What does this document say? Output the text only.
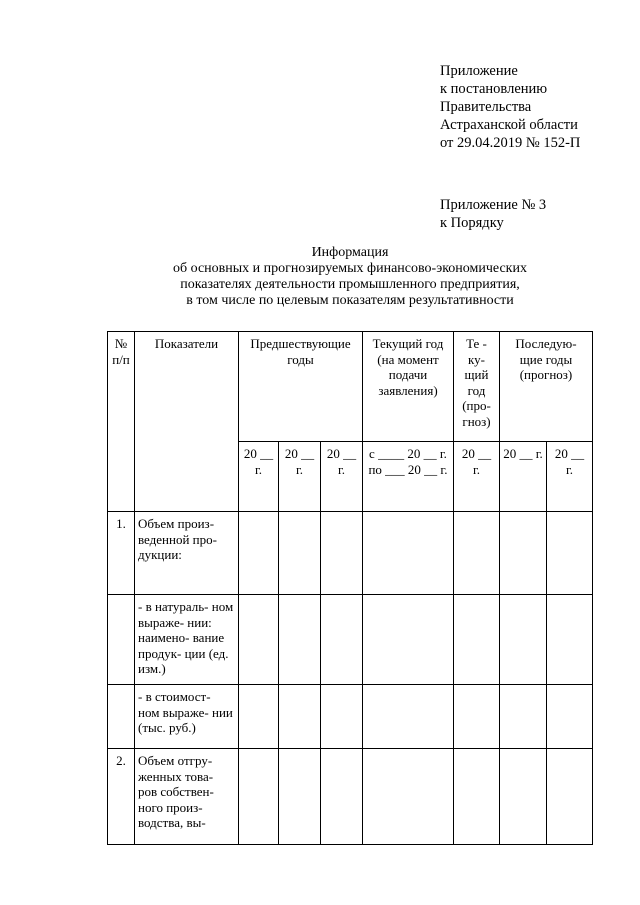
Приложение
к постановлению
Правительства
Астраханской области
от 29.04.2019 № 152-П
Приложение № 3
к Порядку
Информация
об основных и прогнозируемых финансово-экономических
показателях деятельности промышленного предприятия,
в том числе по целевым показателям результативности
№ п/п	Показатели	Предшествующие годы			Текущий год (на момент подачи заявления)	Те - ку- щий год (про- гноз)	Последую- щие годы (прогноз)	
		20 __ г.	20 __ г.	20 __ г.	с ____ 20 __ г. по ___ 20 __ г.	20 __ г.	20 __ г.	20 __ г.
1.	Объем произ- веденной про- дукции:							
	- в натураль- ном выраже- нии: наимено- вание продук- ции (ед. изм.)							
	- в стоимост- ном выраже- нии (тыс. руб.)							
2.	Объем отгру- женных това- ров собствен- ного произ- водства, вы-							
